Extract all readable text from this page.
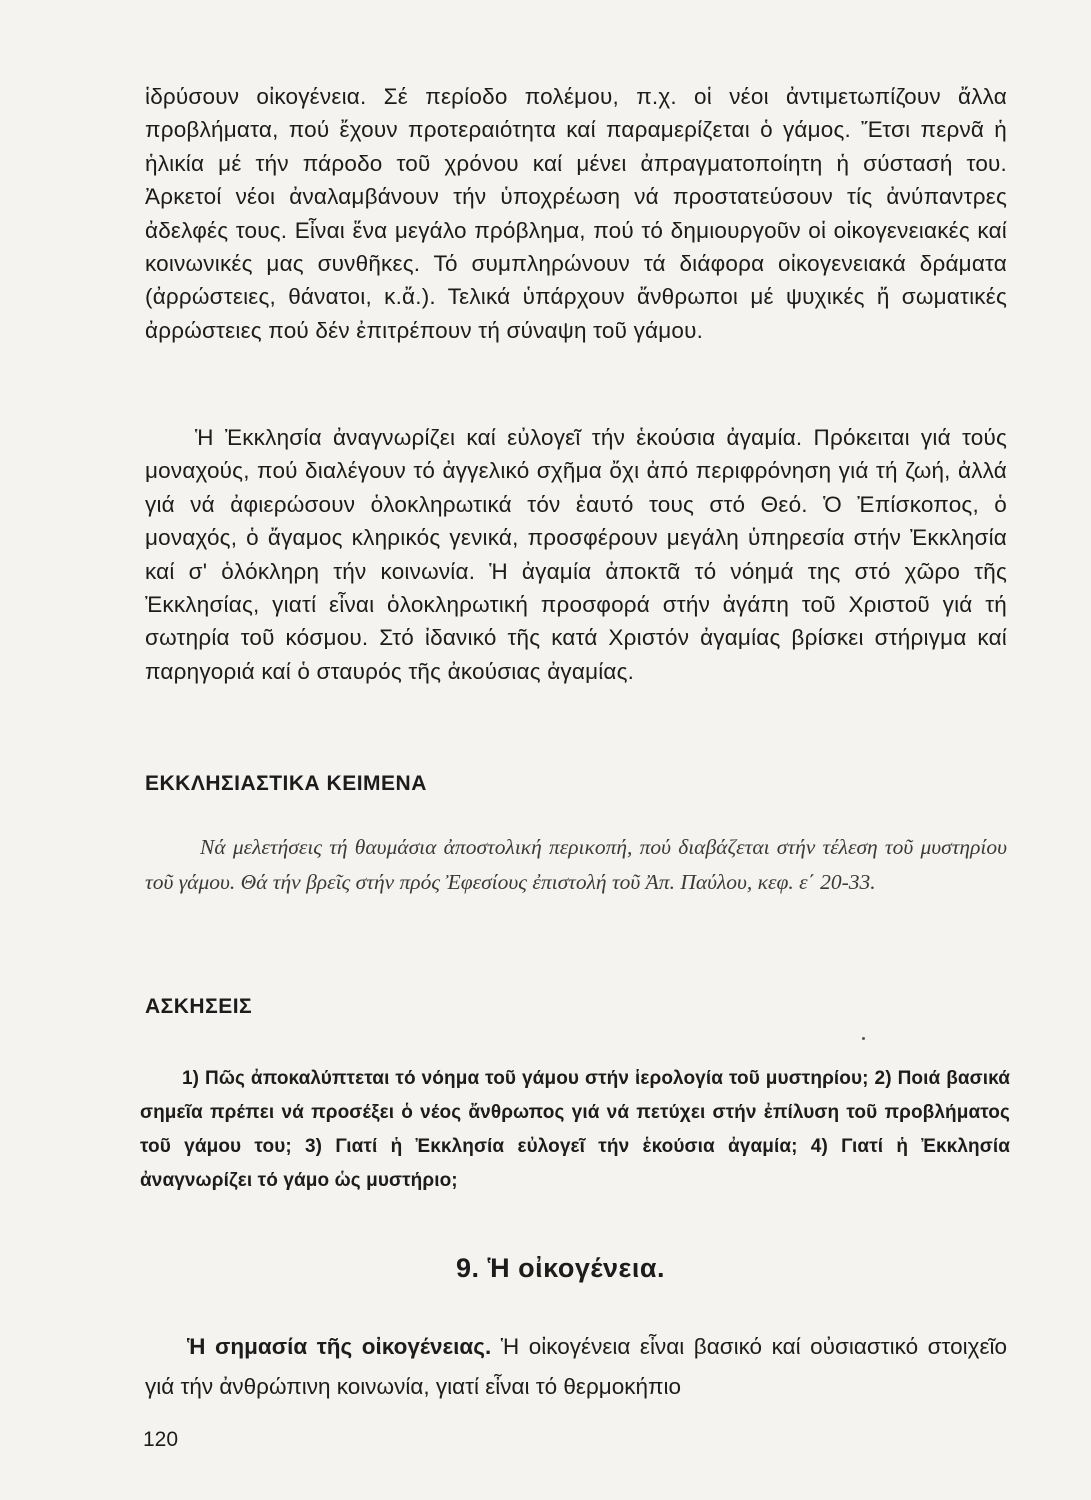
ἱδρύσουν οἰκογένεια. Σέ περίοδο πολέμου, π.χ. οἱ νέοι ἀντιμετωπίζουν ἄλλα προβλήματα, πού ἔχουν προτεραιότητα καί παραμερίζεται ὁ γάμος. Ἔτσι περνᾶ ἡ ἡλικία μέ τήν πάροδο τοῦ χρόνου καί μένει ἀπραγματοποίητη ἡ σύστασή του. Ἀρκετοί νέοι ἀναλαμβάνουν τήν ὑποχρέωση νά προστατεύσουν τίς ἀνύπαντρες ἀδελφές τους. Εἶναι ἕνα μεγάλο πρόβλημα, πού τό δημιουργοῦν οἱ οἰκογενειακές καί κοινωνικές μας συνθῆκες. Τό συμπληρώνουν τά διάφορα οἰκογενειακά δράματα (ἀρρώστειες, θάνατοι, κ.ἄ.). Τελικά ὑπάρχουν ἄνθρωποι μέ ψυχικές ἤ σωματικές ἀρρώστειες πού δέν ἐπιτρέπουν τή σύναψη τοῦ γάμου.

Ἡ Ἐκκλησία ἀναγνωρίζει καί εὐλογεῖ τήν ἑκούσια ἀγαμία. Πρόκειται γιά τούς μοναχούς, πού διαλέγουν τό ἀγγελικό σχῆμα ὄχι ἀπό περιφρόνηση γιά τή ζωή, ἀλλά γιά νά ἀφιερώσουν ὁλοκληρωτικά τόν ἑαυτό τους στό Θεό. Ὁ Ἐπίσκοπος, ὁ μοναχός, ὁ ἄγαμος κληρικός γενικά, προσφέρουν μεγάλη ὑπηρεσία στήν Ἐκκλησία καί σ' ὁλόκληρη τήν κοινωνία. Ἡ ἀγαμία ἀποκτᾶ τό νόημά της στό χῶρο τῆς Ἐκκλησίας, γιατί εἶναι ὁλοκληρωτική προσφορά στήν ἀγάπη τοῦ Χριστοῦ γιά τή σωτηρία τοῦ κόσμου. Στό ἰδανικό τῆς κατά Χριστόν ἀγαμίας βρίσκει στήριγμα καί παρηγοριά καί ὁ σταυρός τῆς ἀκούσιας ἀγαμίας.

ΕΚΚΛΗΣΙΑΣΤΙΚΑ ΚΕΙΜΕΝΑ

Νά μελετήσεις τή θαυμάσια ἀποστολική περικοπή, πού διαβάζεται στήν τέλεση τοῦ μυστηρίου τοῦ γάμου. Θά τήν βρεῖς στήν πρός Ἐφεσίους ἐπιστολή τοῦ Ἀπ. Παύλου, κεφ. ε΄ 20-33.

ΑΣΚΗΣΕΙΣ

1) Πῶς ἀποκαλύπτεται τό νόημα τοῦ γάμου στήν ἱερολογία τοῦ μυστηρίου; 2) Ποιά βασικά σημεῖα πρέπει νά προσέξει ὁ νέος ἄνθρωπος γιά νά πετύχει στήν ἐπίλυση τοῦ προβλήματος τοῦ γάμου του; 3) Γιατί ἡ Ἐκκλησία εὐλογεῖ τήν ἑκούσια ἀγαμία; 4) Γιατί ἡ Ἐκκλησία ἀναγνωρίζει τό γάμο ὡς μυστήριο;

9. Ἡ οἰκογένεια.

Ἡ σημασία τῆς οἰκογένειας. Ἡ οἰκογένεια εἶναι βασικό καί οὐσιαστικό στοιχεῖο γιά τήν ἀνθρώπινη κοινωνία, γιατί εἶναι τό θερμοκήπιο

120
